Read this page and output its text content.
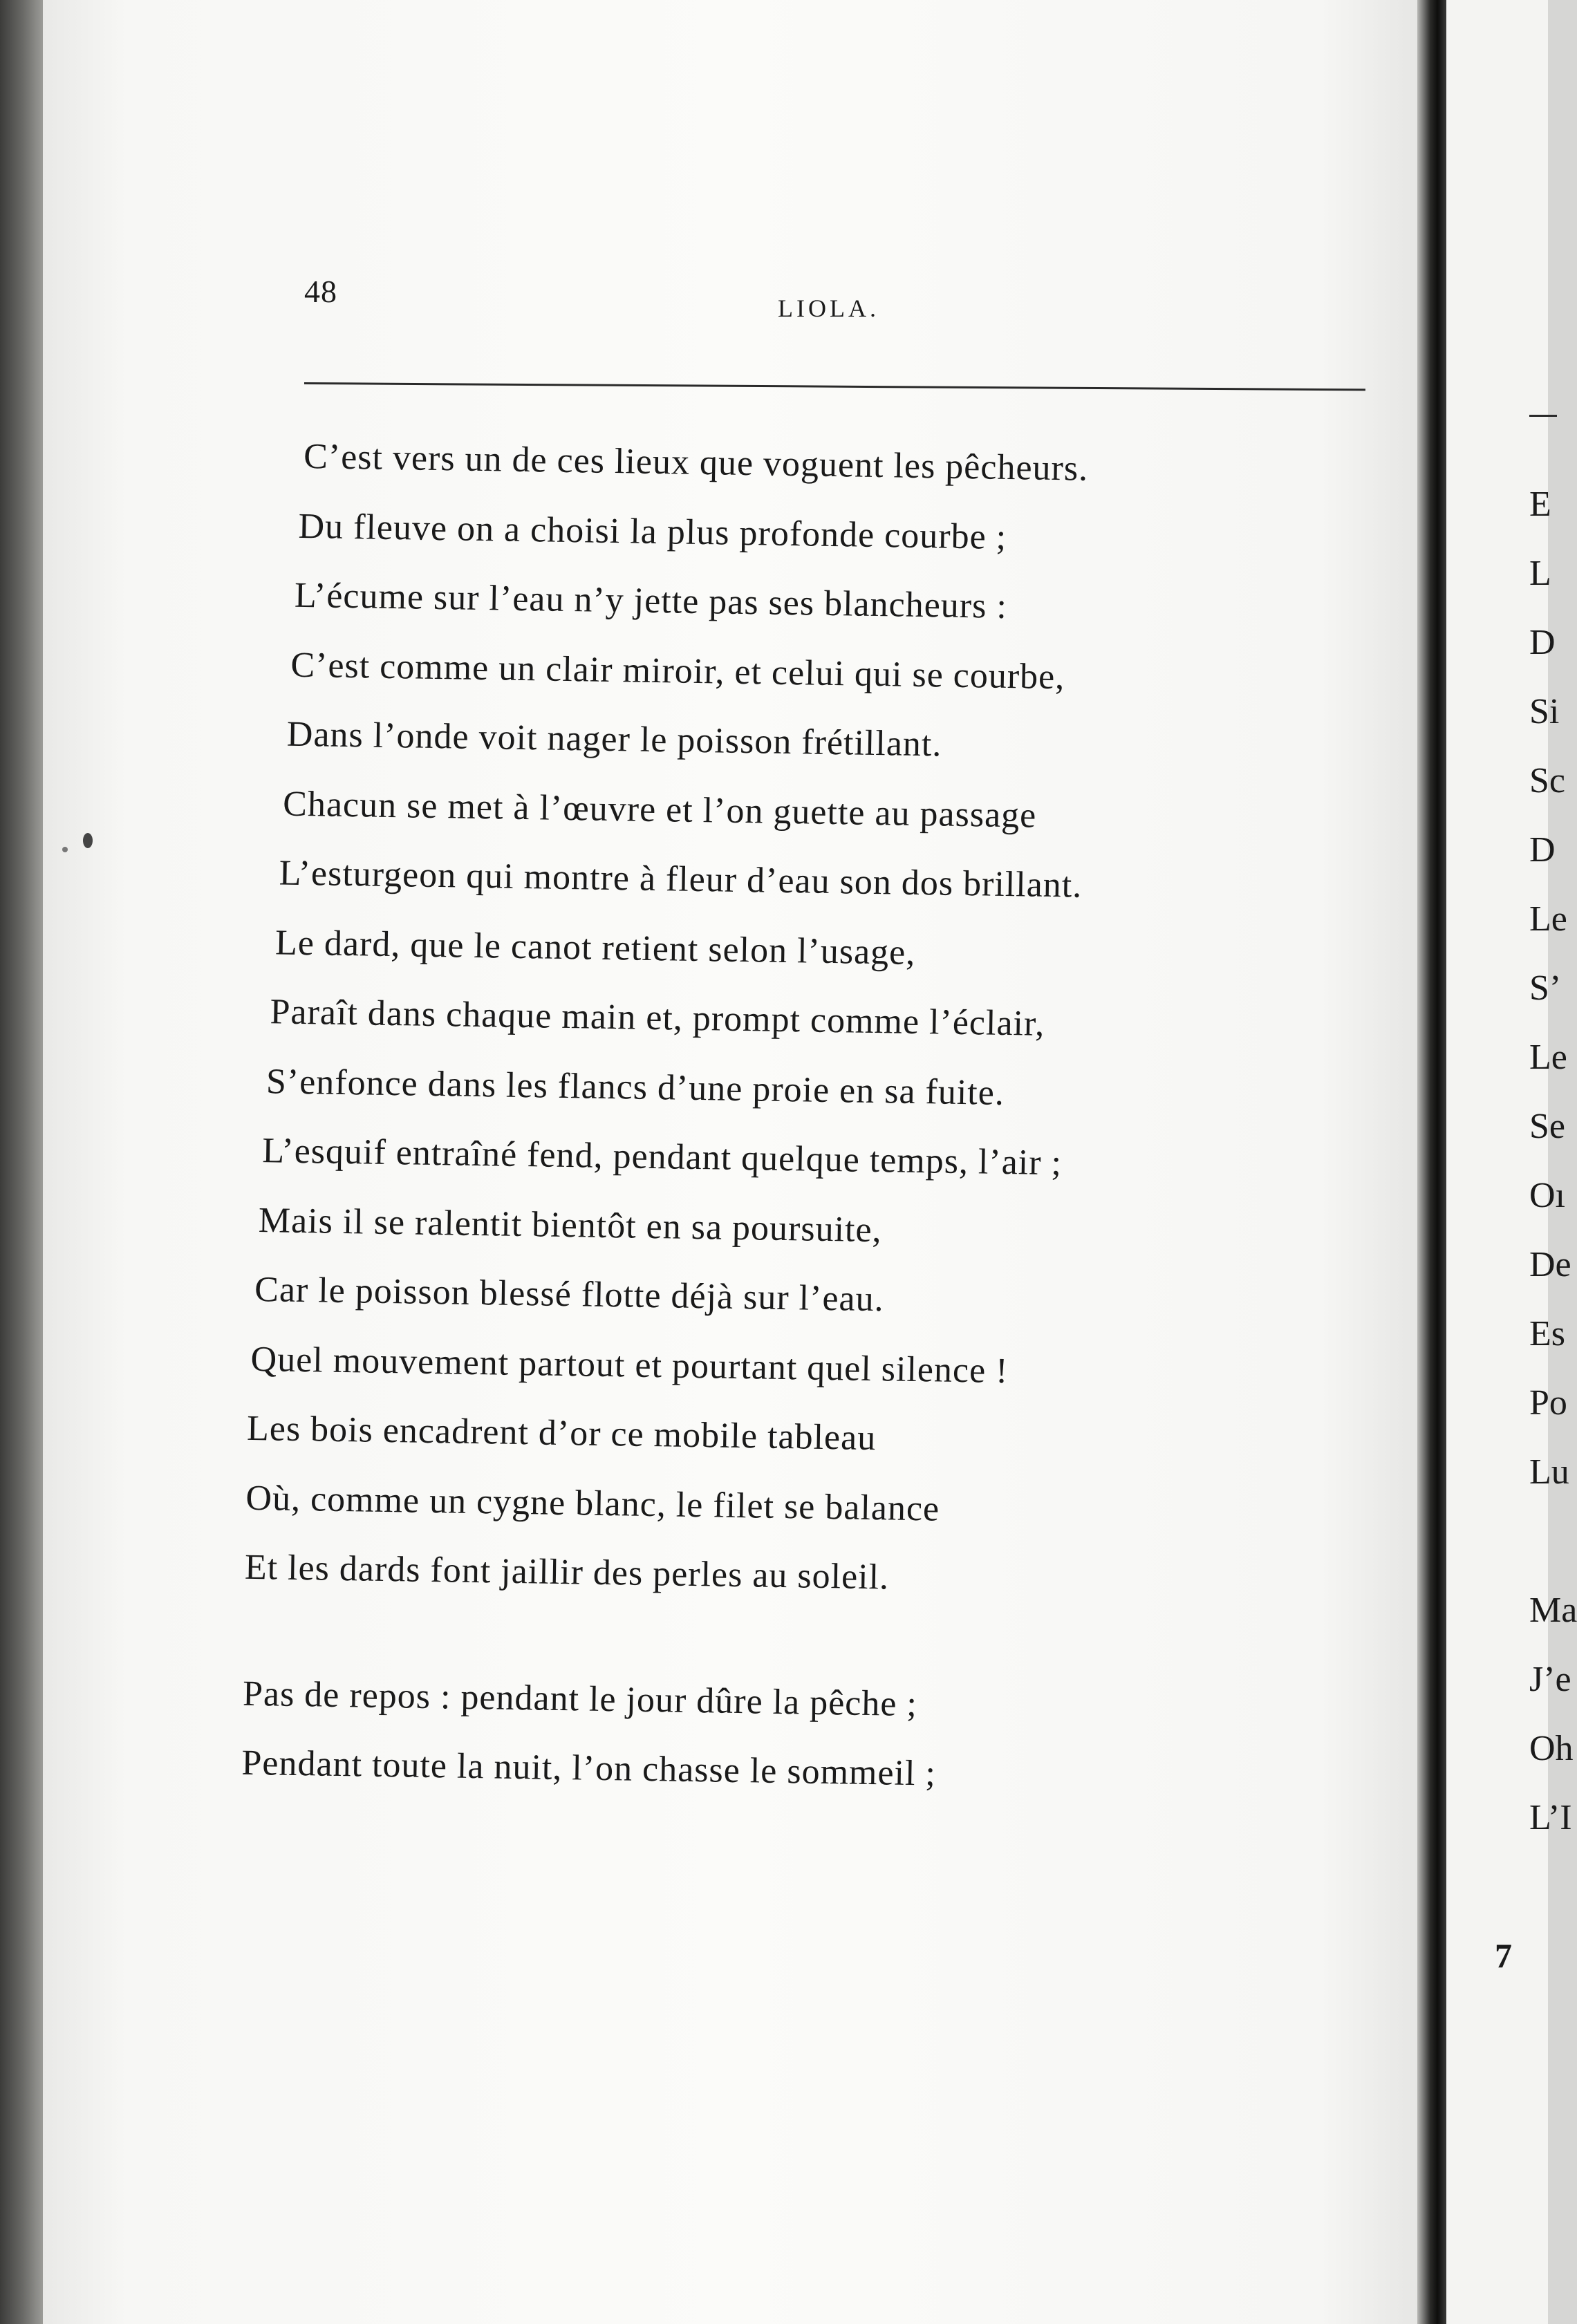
48	LIOLA.
C’est vers un de ces lieux que voguent les pêcheurs.
Du fleuve on a choisi la plus profonde courbe ;
L’écume sur l’eau n’y jette pas ses blancheurs :
C’est comme un clair miroir, et celui qui se courbe,
Dans l’onde voit nager le poisson frétillant.
Chacun se met à l’œuvre et l’on guette au passage
L’esturgeon qui montre à fleur d’eau son dos brillant.
Le dard, que le canot retient selon l’usage,
Paraît dans chaque main et, prompt comme l’éclair,
S’enfonce dans les flancs d’une proie en sa fuite.
L’esquif entraîné fend, pendant quelque temps, l’air ;
Mais il se ralentit bientôt en sa poursuite,
Car le poisson blessé flotte déjà sur l’eau.
Quel mouvement partout et pourtant quel silence !
Les bois encadrent d’or ce mobile tableau
Où, comme un cygne blanc, le filet se balance
Et les dards font jaillir des perles au soleil.
Pas de repos : pendant le jour dûre la pêche ;
Pendant toute la nuit, l’on chasse le sommeil ;
E
L
D
Si
Sc
D
Le
S’
Le
Se
Oı
De
Es
Po
Lu
Ma
J’e
Oh
L’I
7
